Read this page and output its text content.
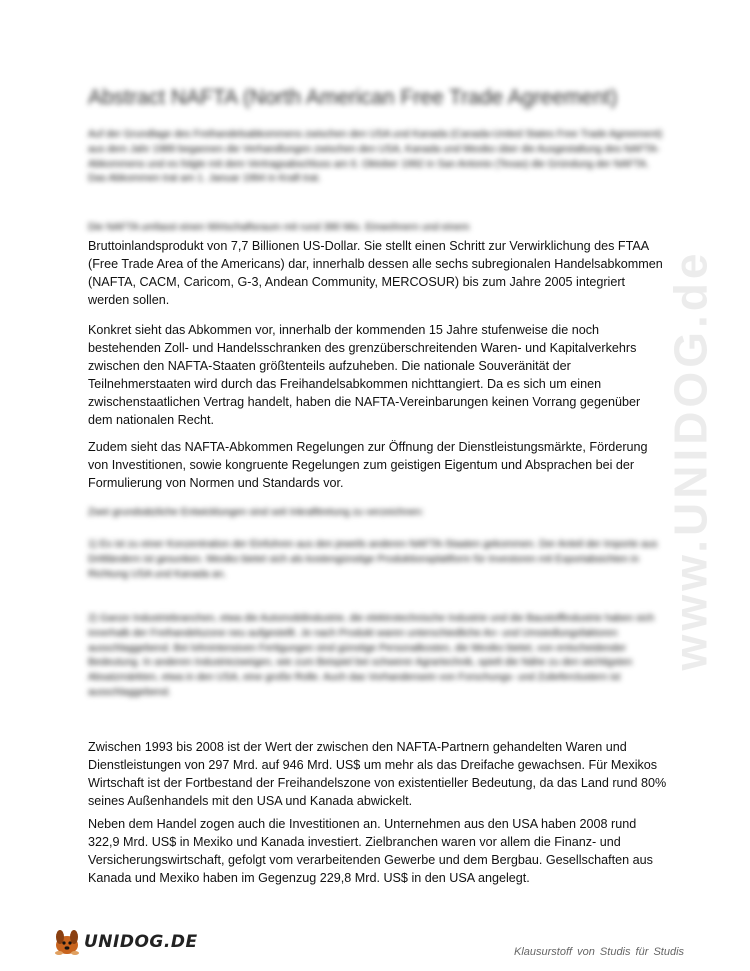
www.UNIDOG.de
Abstract NAFTA (North American Free Trade Agreement)

Auf der Grundlage des Freihandelsabkommens zwischen den USA und Kanada (Canada-United States Free Trade Agreement) aus dem Jahr 1989 begannen die Verhandlungen zwischen den USA, Kanada und Mexiko über die Ausgestaltung des NAFTA-Abkommens und es folgte mit dem Vertragsabschluss am 6. Oktober 1992 in San Antonio (Texas) die Gründung der NAFTA. Das Abkommen trat am 1. Januar 1994 in Kraft trat.

Die NAFTA umfasst einen Wirtschaftsraum mit rund 390 Mio. Einwohnern und einem

Bruttoinlandsprodukt von 7,7 Billionen US-Dollar. Sie stellt einen Schritt zur Verwirklichung des FTAA (Free Trade Area of the Americans) dar, innerhalb dessen alle sechs subregionalen Handelsabkommen (NAFTA, CACM, Caricom, G-3, Andean Community, MERCOSUR) bis zum Jahre 2005 integriert werden sollen.

Konkret sieht das Abkommen vor, innerhalb der kommenden 15 Jahre stufenweise die noch bestehenden Zoll- und Handelsschranken des grenzüberschreitenden Waren- und Kapitalverkehrs zwischen den NAFTA-Staaten größtenteils aufzuheben. Die nationale Souveränität der Teilnehmerstaaten wird durch das Freihandelsabkommen nichttangiert. Da es sich um einen zwischenstaatlichen Vertrag handelt, haben die NAFTA-Vereinbarungen keinen Vorrang gegenüber dem nationalen Recht.

Zudem sieht das NAFTA-Abkommen Regelungen zur Öffnung der Dienstleistungsmärkte, Förderung von Investitionen, sowie kongruente Regelungen zum geistigen Eigentum und Absprachen bei der Formulierung von Normen und Standards vor.

Zwei grundsätzliche Entwicklungen sind seit Inkrafttretung zu verzeichnen:

1) Es ist zu einer Konzentration der Einfuhren aus den jeweils anderen NAFTA-Staaten gekommen. Der Anteil der Importe aus Drittländern ist gesunken. Mexiko bietet sich als kostengünstige Produktionsplattform für Investoren mit Exportabsichten in Richtung USA und Kanada an.

2) Ganze Industriebranchen, etwa die Automobilindustrie, die elektrotechnische Industrie und die Baustoffindustrie haben sich innerhalb der Freihandelszone neu aufgestellt. Je nach Produkt waren unterschiedliche An- und Umsiedlungsfaktoren ausschlaggebend. Bei lohnintensiven Fertigungen sind günstige Personalkosten, die Mexiko bietet, von entscheidender Bedeutung. In anderen Industriezweigen, wie zum Beispiel bei schwerer Agrartechnik, spielt die Nähe zu den wichtigsten Absatzmärkten, etwa in den USA, eine große Rolle. Auch das Vorhandensein von Forschungs- und Zulieferclustern ist ausschlaggebend.

Zwischen 1993 bis 2008 ist der Wert der zwischen den NAFTA-Partnern gehandelten Waren und Dienstleistungen von 297 Mrd. auf 946 Mrd. US$ um mehr als das Dreifache gewachsen. Für Mexikos Wirtschaft ist der Fortbestand der Freihandelszone von existentieller Bedeutung, da das Land rund 80% seines Außenhandels mit den USA und Kanada abwickelt.

Neben dem Handel zogen auch die Investitionen an. Unternehmen aus den USA haben 2008 rund 322,9 Mrd. US$ in Mexiko und Kanada investiert. Zielbranchen waren vor allem die Finanz- und Versicherungswirtschaft, gefolgt vom verarbeitenden Gewerbe und dem Bergbau. Gesellschaften aus Kanada und Mexiko haben im Gegenzug 229,8 Mrd. US$ in den USA angelegt.

UNIDOG.DE	Klausurstoff von Studis für Studis
